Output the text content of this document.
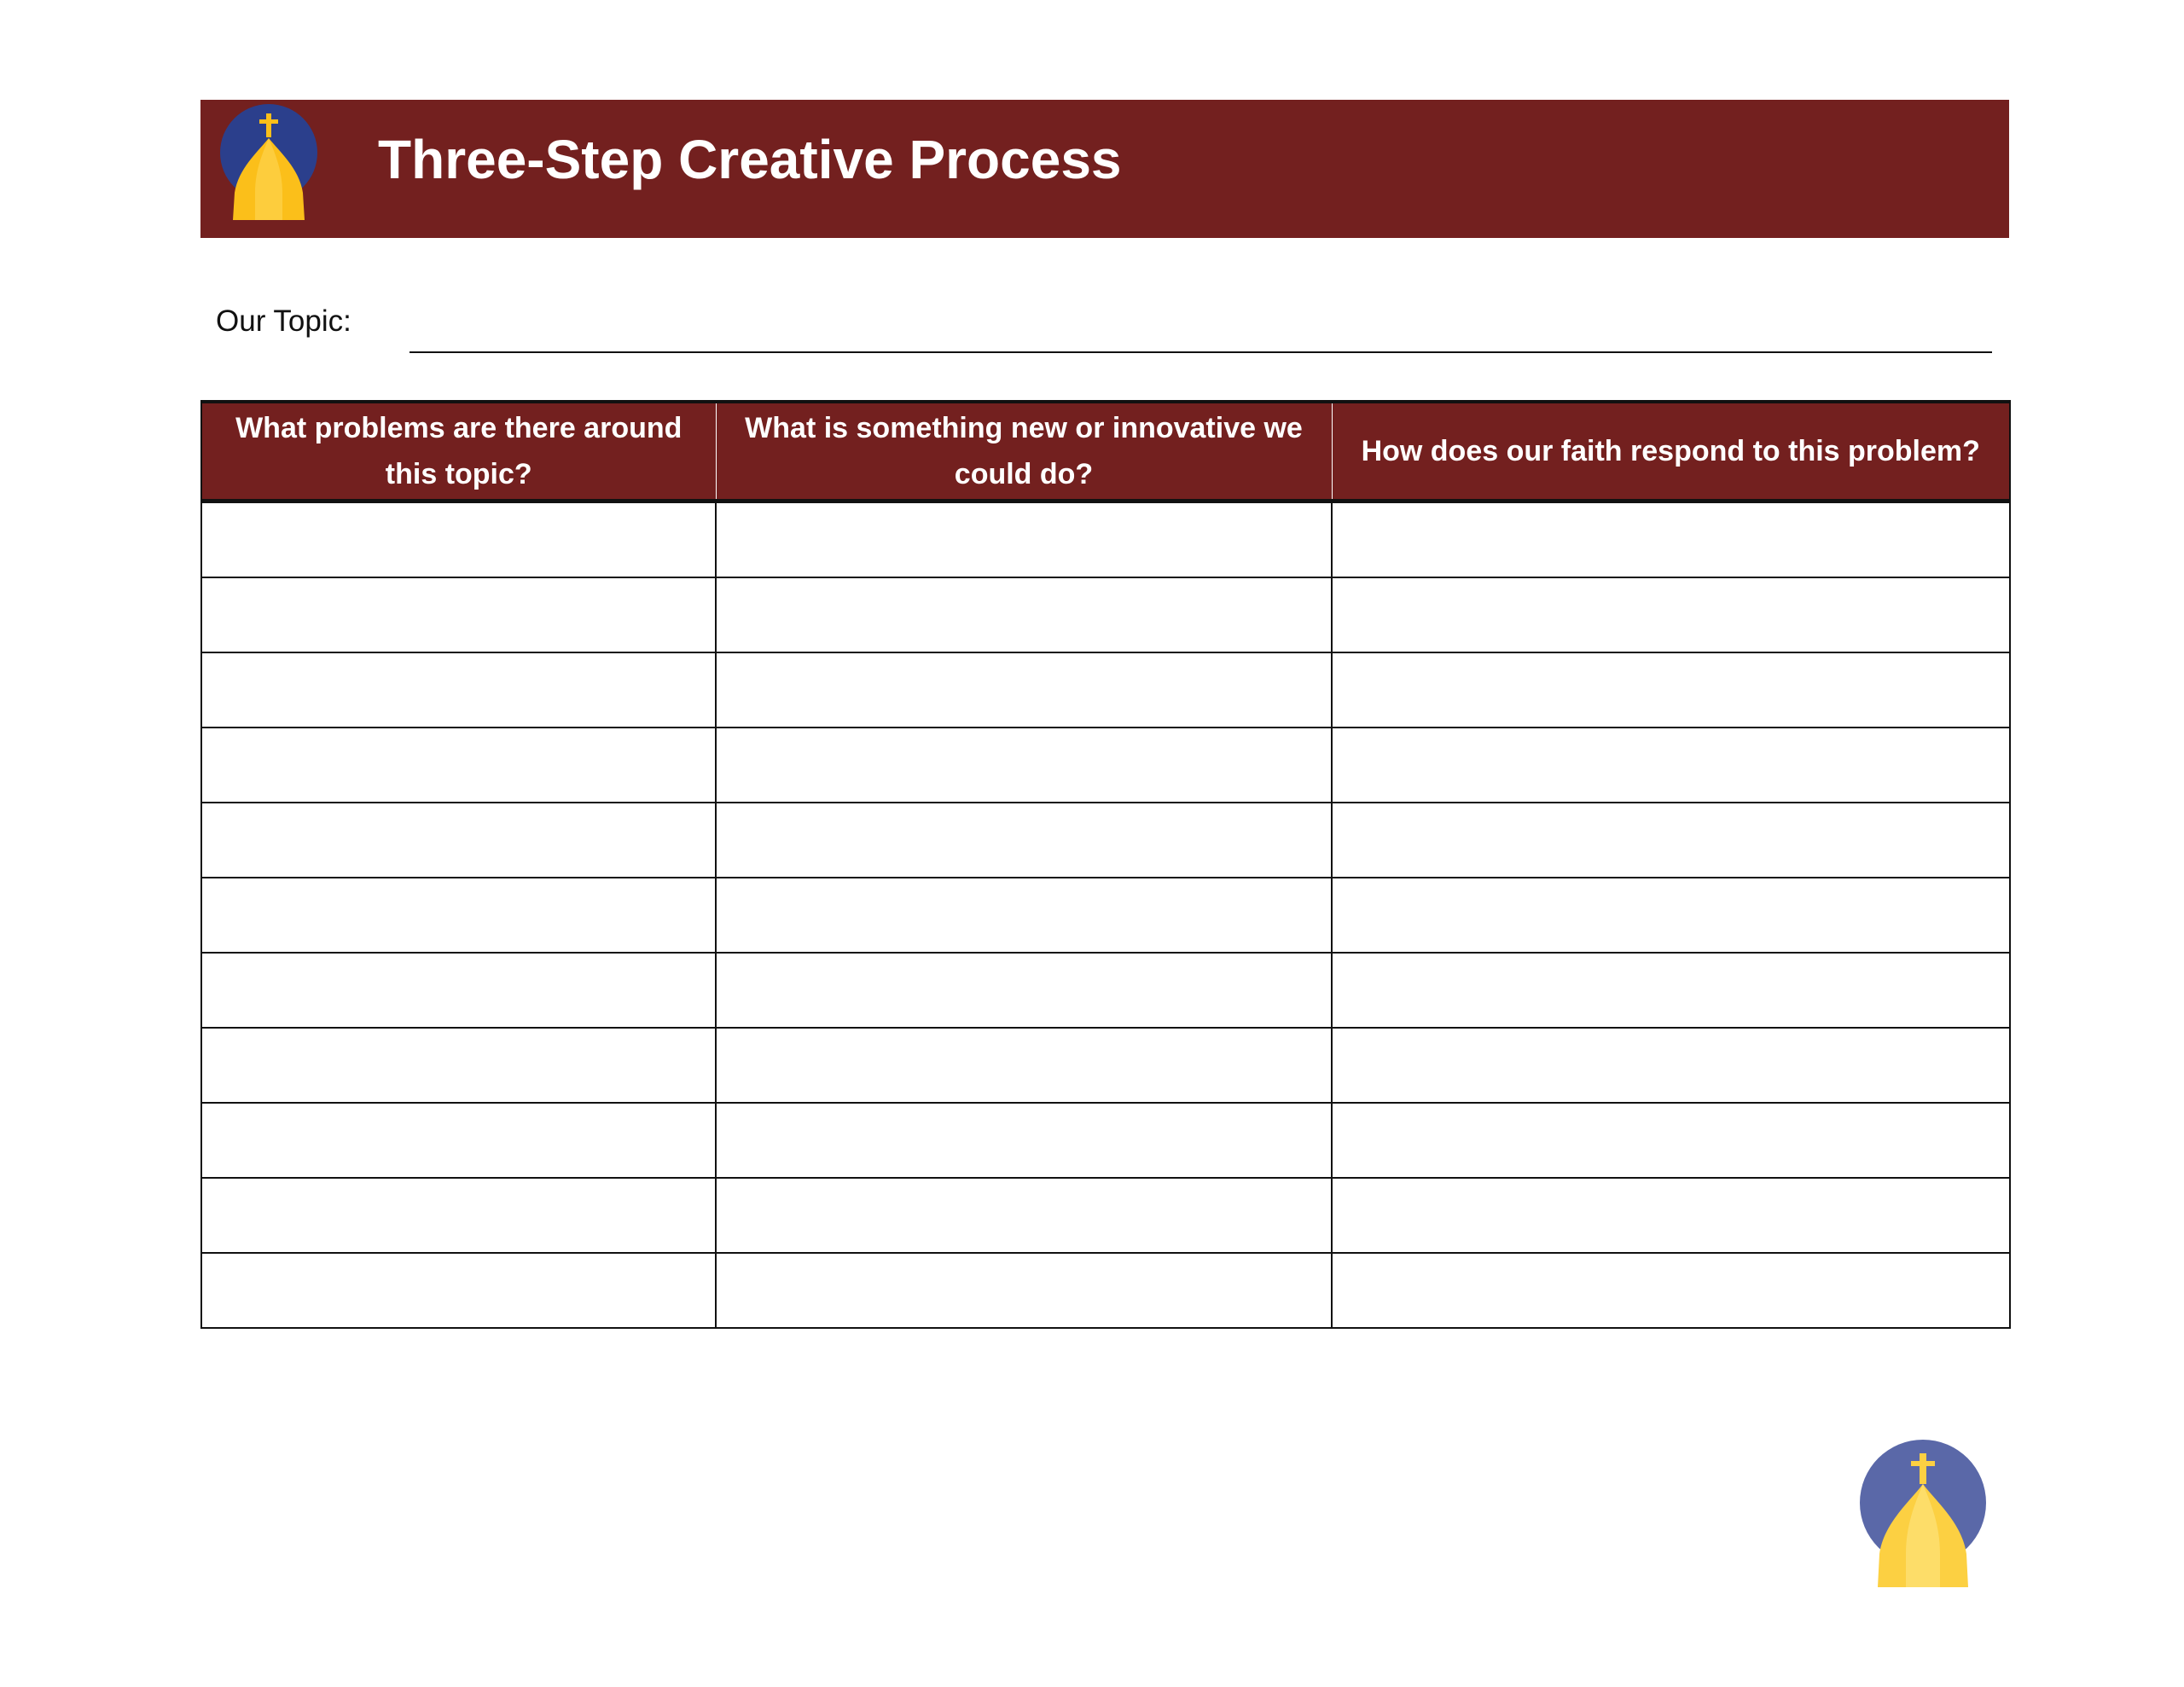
Three-Step Creative Process
Our Topic:
What problems are there around this topic?	What is something new or innovative we could do?	How does our faith respond to this problem?
